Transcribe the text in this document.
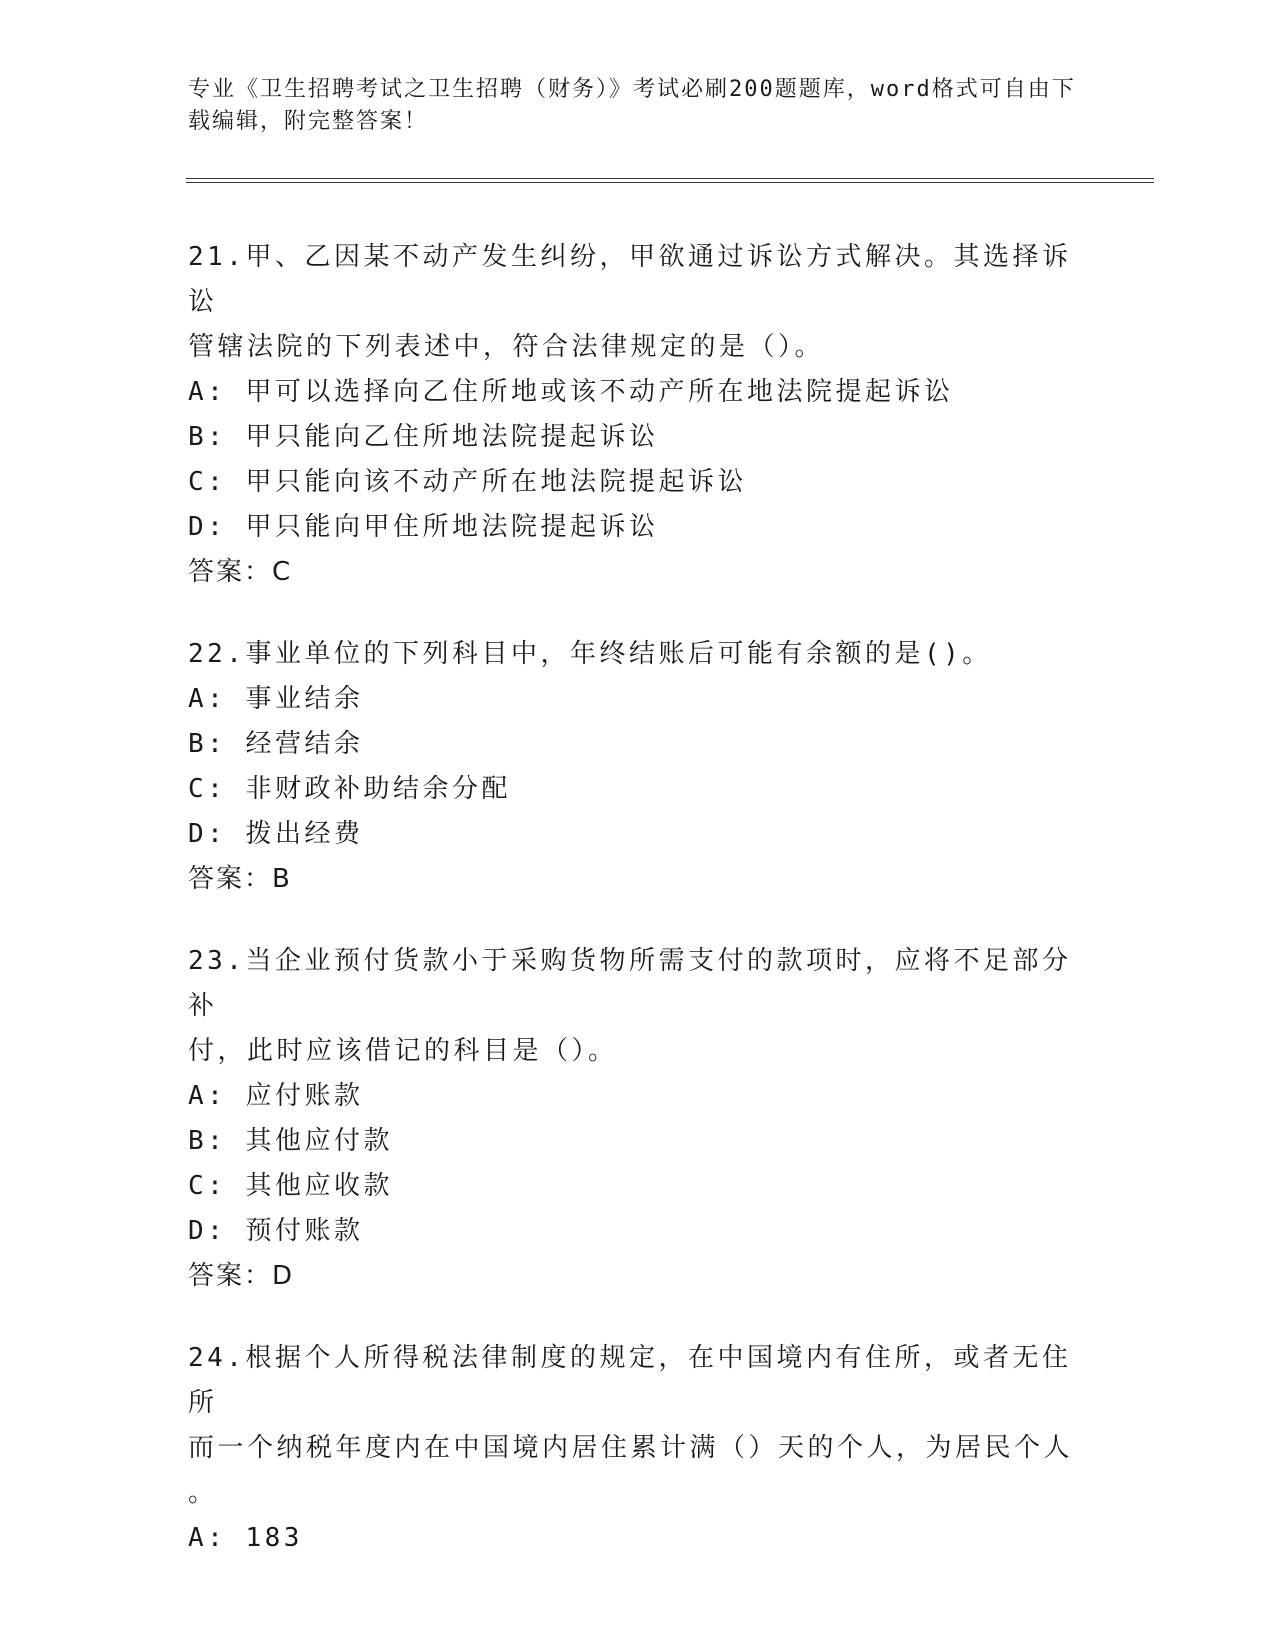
专业《卫生招聘考试之卫生招聘（财务）》考试必刷200题题库，word格式可自由下载编辑，附完整答案！
21.甲、乙因某不动产发生纠纷，甲欲通过诉讼方式解决。其选择诉讼
管辖法院的下列表述中，符合法律规定的是（）。
A: 甲可以选择向乙住所地或该不动产所在地法院提起诉讼
B: 甲只能向乙住所地法院提起诉讼
C: 甲只能向该不动产所在地法院提起诉讼
D: 甲只能向甲住所地法院提起诉讼
答案：C
22.事业单位的下列科目中，年终结账后可能有余额的是()。
A: 事业结余
B: 经营结余
C: 非财政补助结余分配
D: 拨出经费
答案：B
23.当企业预付货款小于采购货物所需支付的款项时，应将不足部分补
付，此时应该借记的科目是（）。
A: 应付账款
B: 其他应付款
C: 其他应收款
D: 预付账款
答案：D
24.根据个人所得税法律制度的规定，在中国境内有住所，或者无住所
而一个纳税年度内在中国境内居住累计满（）天的个人，为居民个人
。
A: 183
